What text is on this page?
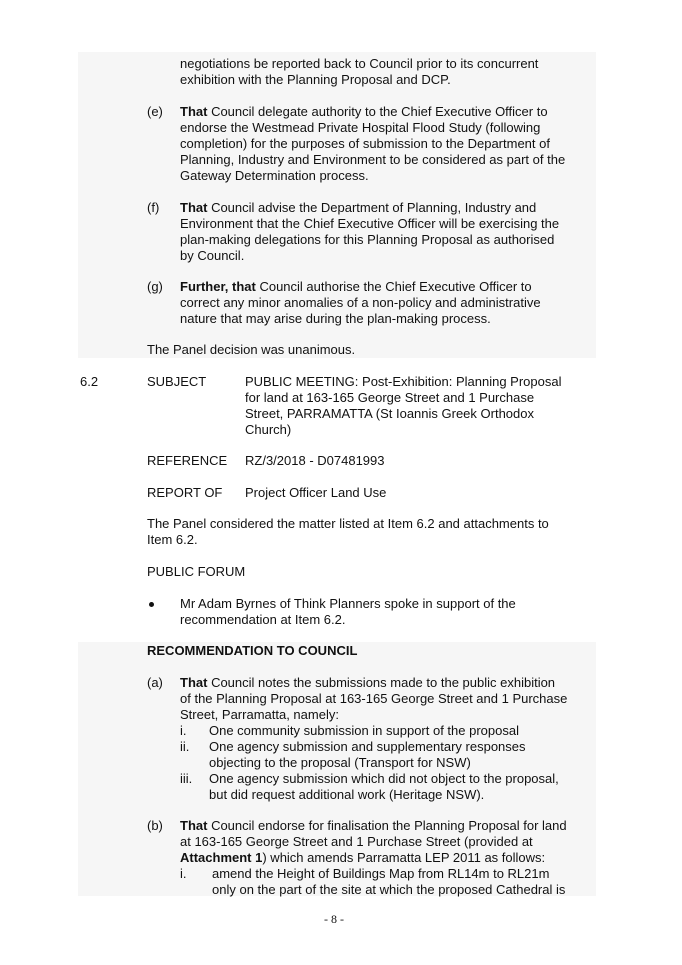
negotiations be reported back to Council prior to its concurrent
exhibition with the Planning Proposal and DCP.
(e) That Council delegate authority to the Chief Executive Officer to
endorse the Westmead Private Hospital Flood Study (following
completion) for the purposes of submission to the Department of
Planning, Industry and Environment to be considered as part of the
Gateway Determination process.
(f) That Council advise the Department of Planning, Industry and
Environment that the Chief Executive Officer will be exercising the
plan-making delegations for this Planning Proposal as authorised
by Council.
(g) Further, that Council authorise the Chief Executive Officer to
correct any minor anomalies of a non-policy and administrative
nature that may arise during the plan-making process.
The Panel decision was unanimous.
6.2	SUBJECT	PUBLIC MEETING: Post-Exhibition: Planning Proposal
for land at 163-165 George Street and 1 Purchase
Street, PARRAMATTA (St Ioannis Greek Orthodox
Church)
REFERENCE RZ/3/2018 - D07481993
REPORT OF Project Officer Land Use
The Panel considered the matter listed at Item 6.2 and attachments to
Item 6.2.
PUBLIC FORUM
Mr Adam Byrnes of Think Planners spoke in support of the
recommendation at Item 6.2.
RECOMMENDATION TO COUNCIL
(a) That Council notes the submissions made to the public exhibition
of the Planning Proposal at 163-165 George Street and 1 Purchase
Street, Parramatta, namely:
i. One community submission in support of the proposal
ii. One agency submission and supplementary responses
objecting to the proposal (Transport for NSW)
iii. One agency submission which did not object to the proposal,
but did request additional work (Heritage NSW).
(b) That Council endorse for finalisation the Planning Proposal for land
at 163-165 George Street and 1 Purchase Street (provided at
Attachment 1) which amends Parramatta LEP 2011 as follows:
i. amend the Height of Buildings Map from RL14m to RL21m
only on the part of the site at which the proposed Cathedral is
- 8 -
